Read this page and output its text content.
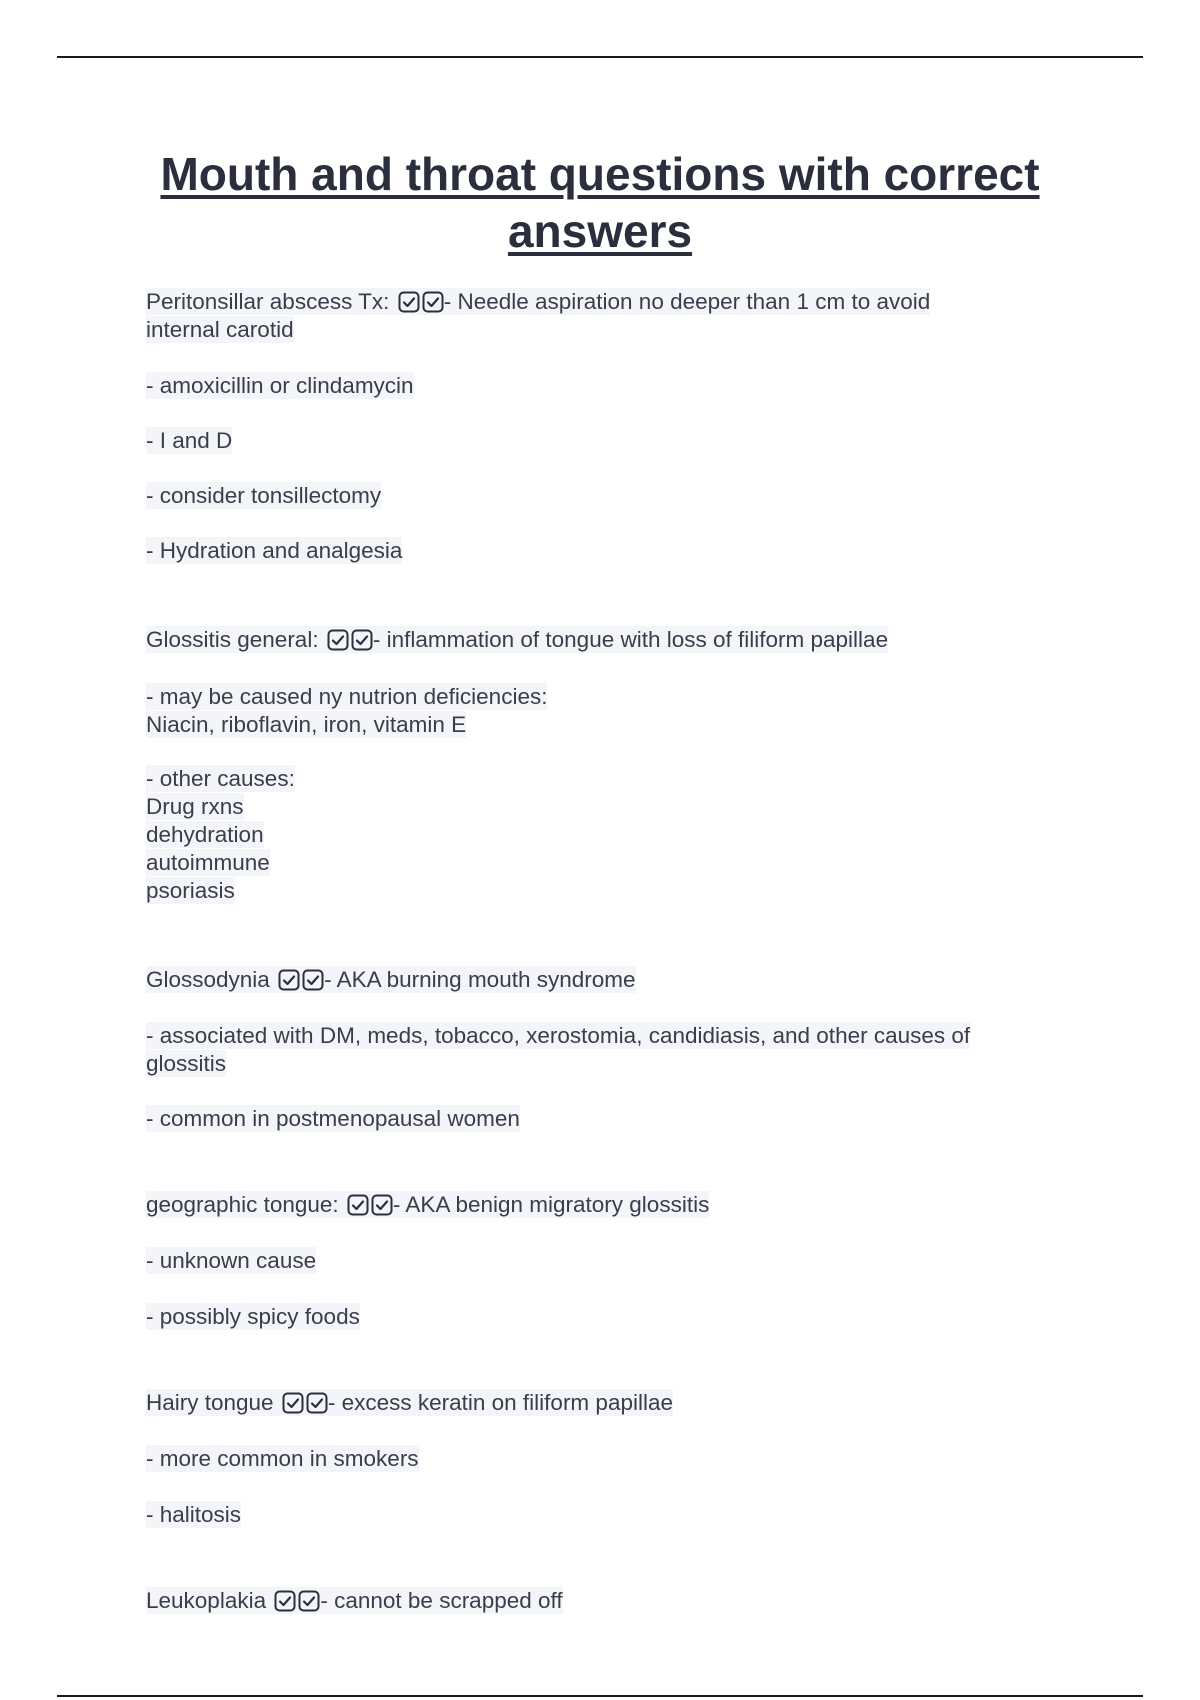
Mouth and throat questions with correct answers

Peritonsillar abscess Tx: - Needle aspiration no deeper than 1 cm to avoid
internal carotid

- amoxicillin or clindamycin

- I and D

- consider tonsillectomy

- Hydration and analgesia

Glossitis general: - inflammation of tongue with loss of filiform papillae

- may be caused ny nutrion deficiencies:
Niacin, riboflavin, iron, vitamin E

- other causes:
Drug rxns
dehydration
autoimmune
psoriasis

Glossodynia - AKA burning mouth syndrome

- associated with DM, meds, tobacco, xerostomia, candidiasis, and other causes of
glossitis

- common in postmenopausal women

geographic tongue: - AKA benign migratory glossitis

- unknown cause

- possibly spicy foods

Hairy tongue - excess keratin on filiform papillae

- more common in smokers

- halitosis

Leukoplakia - cannot be scrapped off
